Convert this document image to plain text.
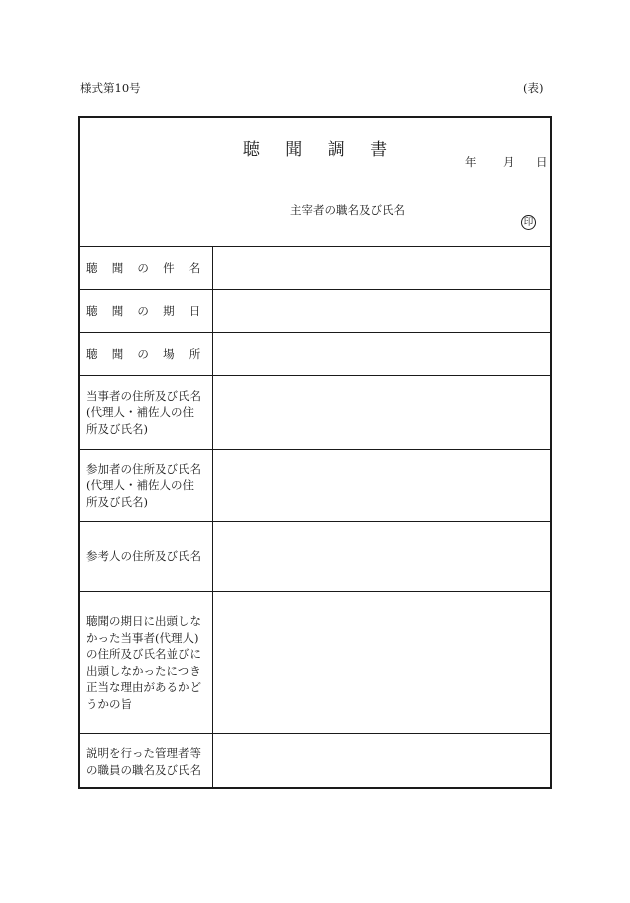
様式第10号	(表)
聴 聞 調 書
年 月 日
主宰者の職名及び氏名
印
聴聞の件名
聴聞の期日
聴聞の場所
当事者の住所及び氏名
(代理人・補佐人の住
所及び氏名)
参加者の住所及び氏名
(代理人・補佐人の住
所及び氏名)
参考人の住所及び氏名
聴聞の期日に出頭しな
かった当事者(代理人)
の住所及び氏名並びに
出頭しなかったにつき
正当な理由があるかど
うかの旨
説明を行った管理者等
の職員の職名及び氏名
